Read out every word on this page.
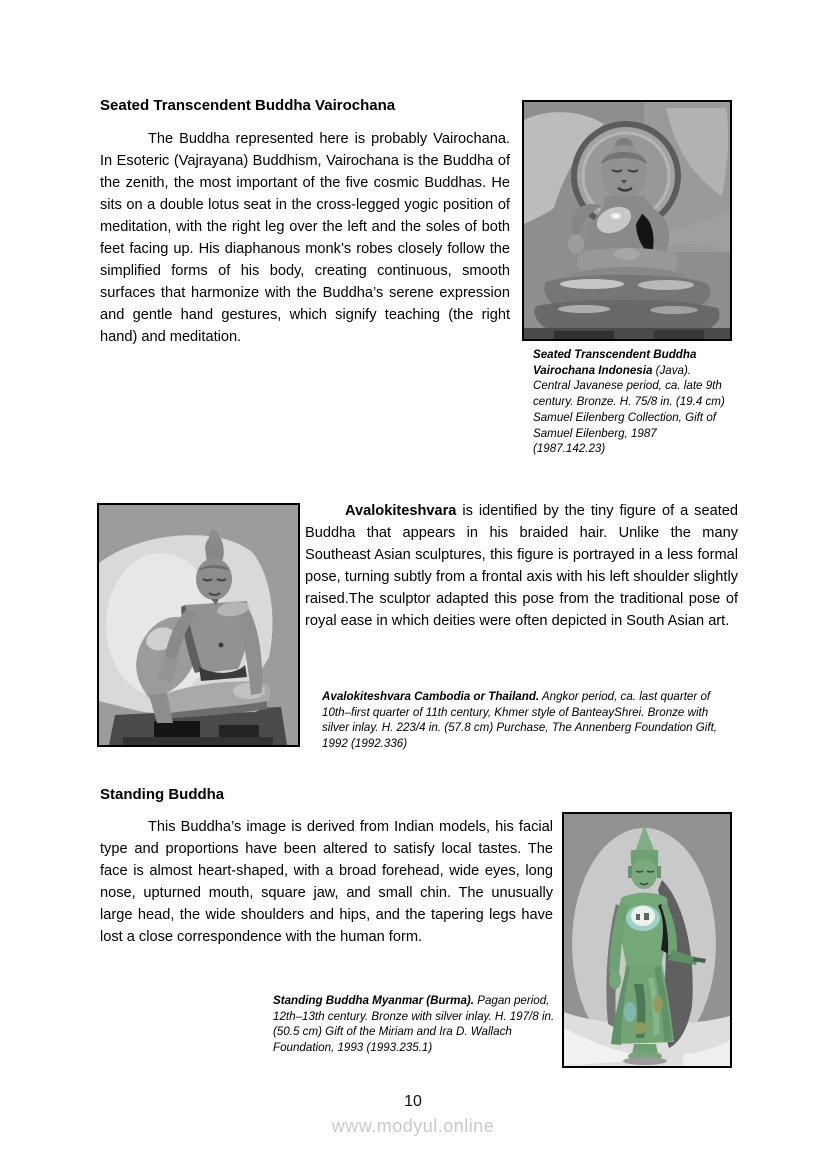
Seated Transcendent Buddha Vairochana

The Buddha represented here is probably Vairochana. In Esoteric (Vajrayana) Buddhism, Vairochana is the Buddha of the zenith, the most important of the five cosmic Buddhas. He sits on a double lotus seat in the cross-legged yogic position of meditation, with the right leg over the left and the soles of both feet facing up. His diaphanous monk’s robes closely follow the simplified forms of his body, creating continuous, smooth surfaces that harmonize with the Buddha’s serene expression and gentle hand gestures, which signify teaching (the right hand) and meditation.

Seated Transcendent Buddha Vairochana Indonesia (Java). Central Javanese period, ca. late 9th century. Bronze. H. 75/8 in. (19.4 cm) Samuel Eilenberg Collection, Gift of Samuel Eilenberg, 1987 (1987.142.23)

Avalokiteshvara is identified by the tiny figure of a seated Buddha that appears in his braided hair. Unlike the many Southeast Asian sculptures, this figure is portrayed in a less formal pose, turning subtly from a frontal axis with his left shoulder slightly raised.The sculptor adapted this pose from the traditional pose of royal ease in which deities were often depicted in South Asian art.

Avalokiteshvara Cambodia or Thailand. Angkor period, ca. last quarter of 10th–first quarter of 11th century, Khmer style of BanteayShrei. Bronze with silver inlay. H. 223/4 in. (57.8 cm) Purchase, The Annenberg Foundation Gift, 1992 (1992.336)

Standing Buddha

This Buddha’s image is derived from Indian models, his facial type and proportions have been altered to satisfy local tastes. The face is almost heart-shaped, with a broad forehead, wide eyes, long nose, upturned mouth, square jaw, and small chin. The unusually large head, the wide shoulders and hips, and the tapering legs have lost a close correspondence with the human form.

Standing Buddha Myanmar (Burma). Pagan period, 12th–13th century. Bronze with silver inlay. H. 197/8 in. (50.5 cm) Gift of the Miriam and Ira D. Wallach Foundation, 1993 (1993.235.1)

10
www.modyul.online
